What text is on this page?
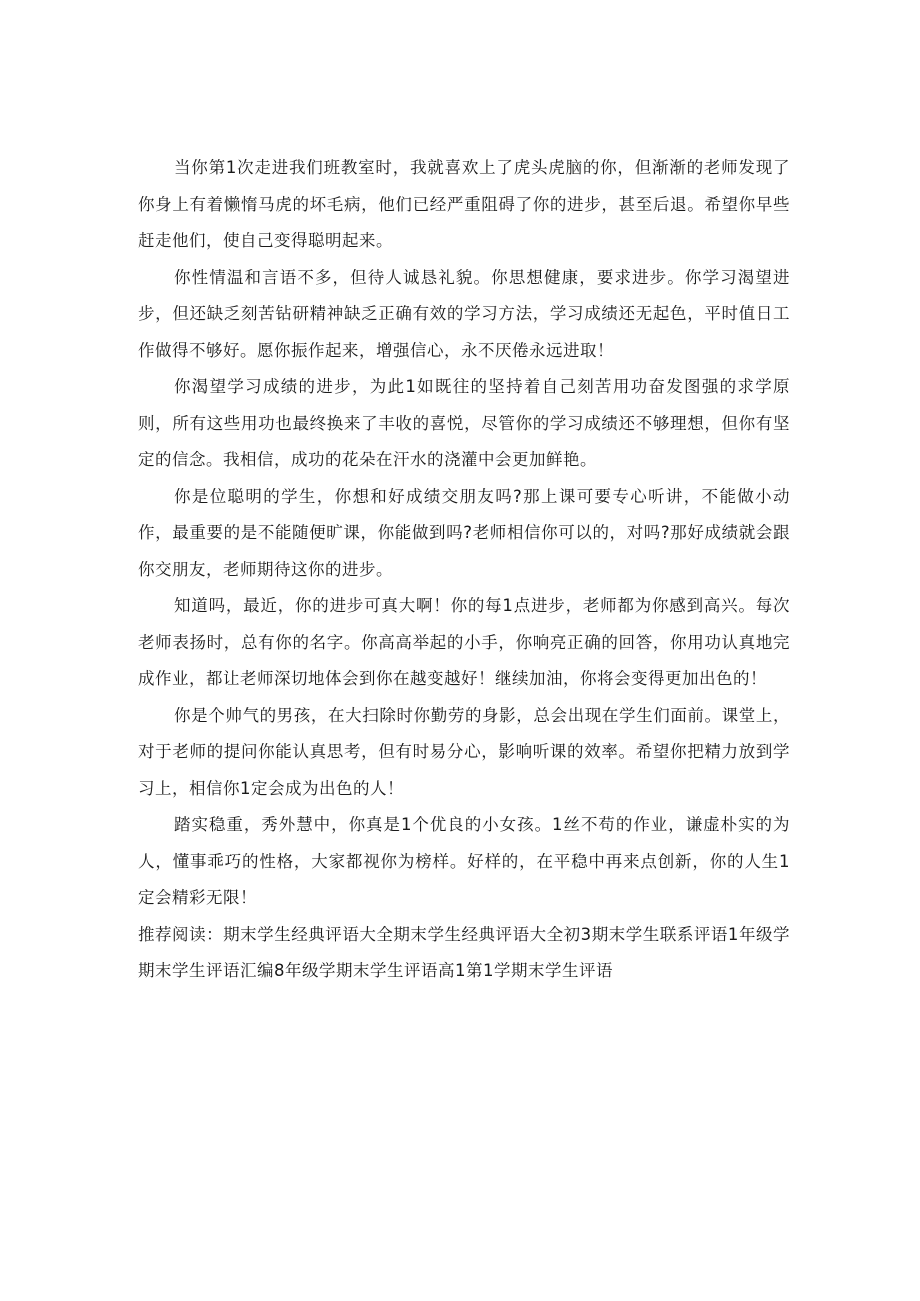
当你第1次走进我们班教室时，我就喜欢上了虎头虎脑的你，但渐渐的老师发现了你身上有着懒惰马虎的坏毛病，他们已经严重阻碍了你的进步，甚至后退。希望你早些赶走他们，使自己变得聪明起来。

你性情温和言语不多，但待人诚恳礼貌。你思想健康，要求进步。你学习渴望进步，但还缺乏刻苦钻研精神缺乏正确有效的学习方法，学习成绩还无起色，平时值日工作做得不够好。愿你振作起来，增强信心，永不厌倦永远进取！

你渴望学习成绩的进步，为此1如既往的坚持着自己刻苦用功奋发图强的求学原则，所有这些用功也最终换来了丰收的喜悦，尽管你的学习成绩还不够理想，但你有坚定的信念。我相信，成功的花朵在汗水的浇灌中会更加鲜艳。

你是位聪明的学生，你想和好成绩交朋友吗?那上课可要专心听讲，不能做小动作，最重要的是不能随便旷课，你能做到吗?老师相信你可以的，对吗?那好成绩就会跟你交朋友，老师期待这你的进步。

知道吗，最近，你的进步可真大啊！你的每1点进步，老师都为你感到高兴。每次老师表扬时，总有你的名字。你高高举起的小手，你响亮正确的回答，你用功认真地完成作业，都让老师深切地体会到你在越变越好！继续加油，你将会变得更加出色的！

你是个帅气的男孩，在大扫除时你勤劳的身影，总会出现在学生们面前。课堂上，对于老师的提问你能认真思考，但有时易分心，影响听课的效率。希望你把精力放到学习上，相信你1定会成为出色的人！

踏实稳重，秀外慧中，你真是1个优良的小女孩。1丝不苟的作业，谦虚朴实的为人，懂事乖巧的性格，大家都视你为榜样。好样的，在平稳中再来点创新，你的人生1定会精彩无限！

推荐阅读：期末学生经典评语大全期末学生经典评语大全初3期末学生联系评语1年级学期末学生评语汇编8年级学期末学生评语高1第1学期末学生评语
